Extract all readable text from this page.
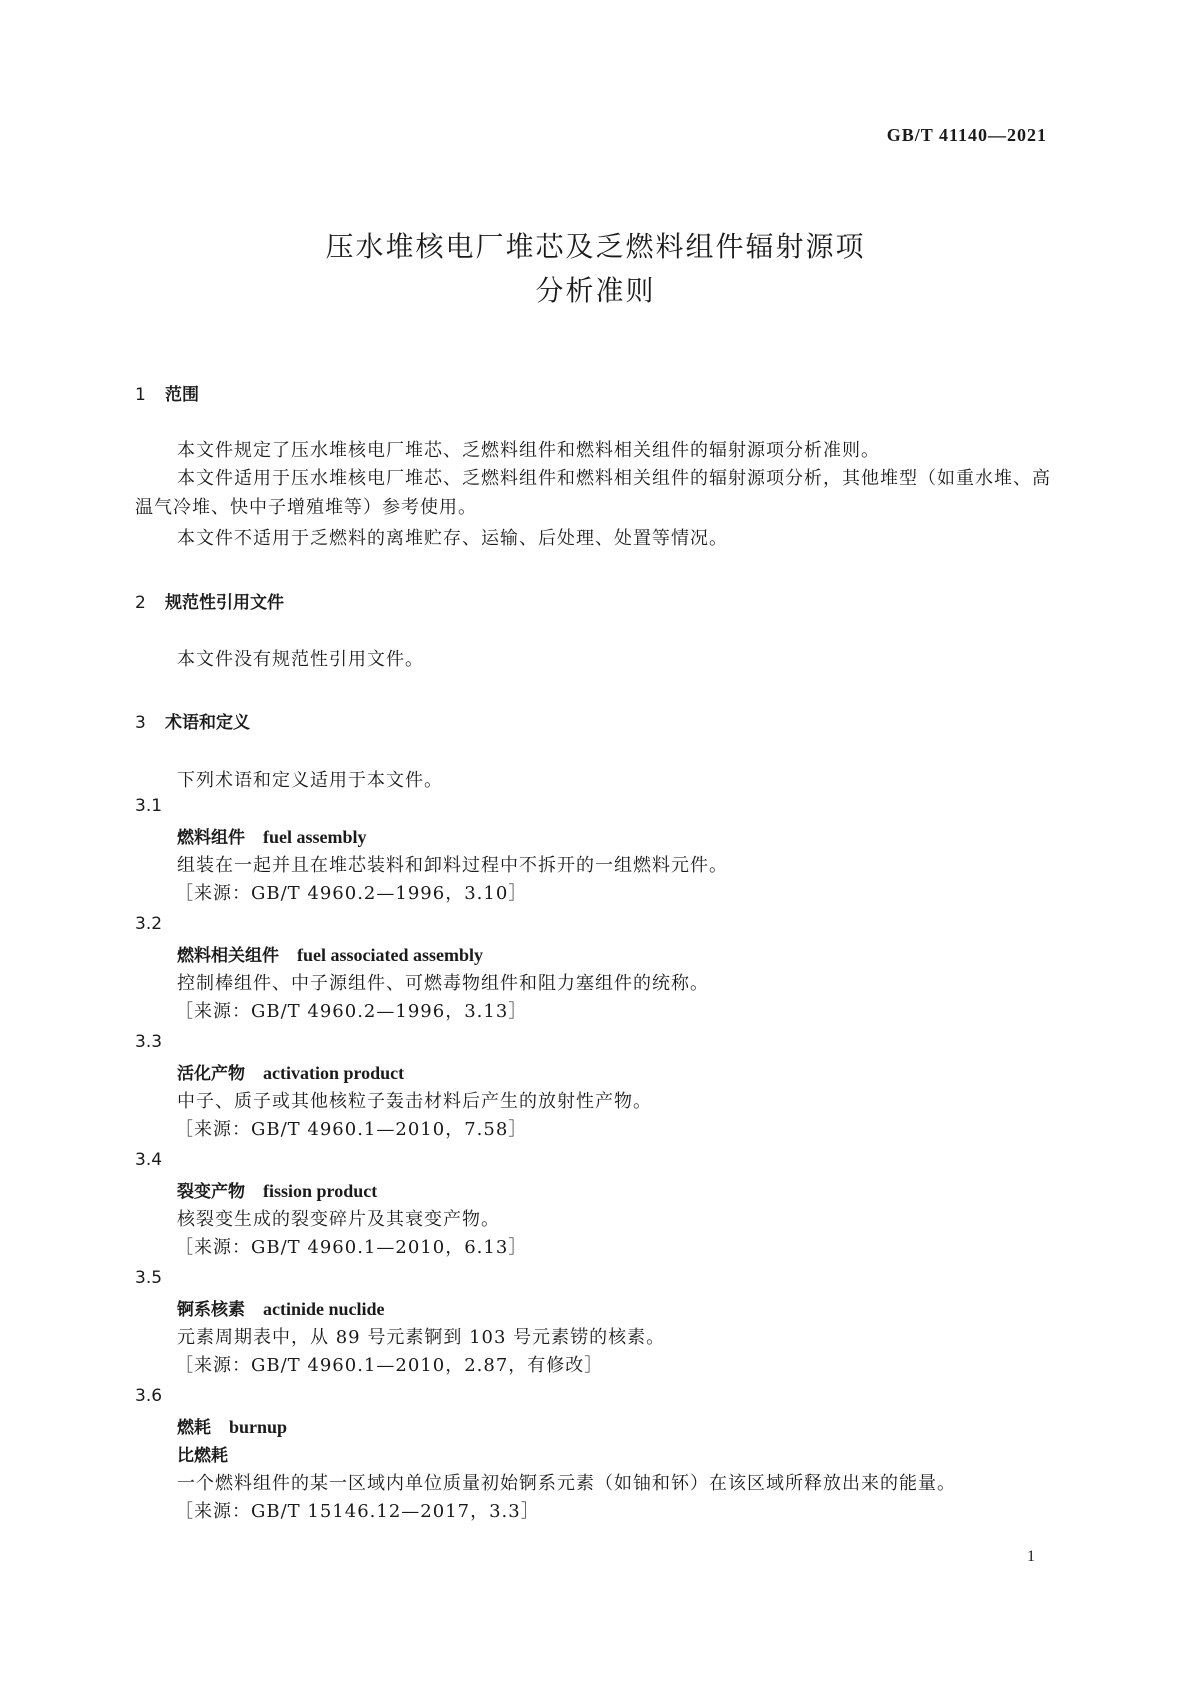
GB/T 41140—2021
压水堆核电厂堆芯及乏燃料组件辐射源项
分析准则
1 范围
本文件规定了压水堆核电厂堆芯、乏燃料组件和燃料相关组件的辐射源项分析准则。
本文件适用于压水堆核电厂堆芯、乏燃料组件和燃料相关组件的辐射源项分析，其他堆型（如重水堆、高温气冷堆、快中子增殖堆等）参考使用。
本文件不适用于乏燃料的离堆贮存、运输、后处理、处置等情况。
2 规范性引用文件
本文件没有规范性引用文件。
3 术语和定义
下列术语和定义适用于本文件。
3.1
燃料组件 fuel assembly
组装在一起并且在堆芯装料和卸料过程中不拆开的一组燃料元件。
［来源：GB/T 4960.2—1996，3.10］
3.2
燃料相关组件 fuel associated assembly
控制棒组件、中子源组件、可燃毒物组件和阻力塞组件的统称。
［来源：GB/T 4960.2—1996，3.13］
3.3
活化产物 activation product
中子、质子或其他核粒子轰击材料后产生的放射性产物。
［来源：GB/T 4960.1—2010，7.58］
3.4
裂变产物 fission product
核裂变生成的裂变碎片及其衰变产物。
［来源：GB/T 4960.1—2010，6.13］
3.5
锕系核素 actinide nuclide
元素周期表中，从 89 号元素锕到 103 号元素铹的核素。
［来源：GB/T 4960.1—2010，2.87，有修改］
3.6
燃耗 burnup
比燃耗
一个燃料组件的某一区域内单位质量初始锕系元素（如铀和钚）在该区域所释放出来的能量。
［来源：GB/T 15146.12—2017，3.3］
1
